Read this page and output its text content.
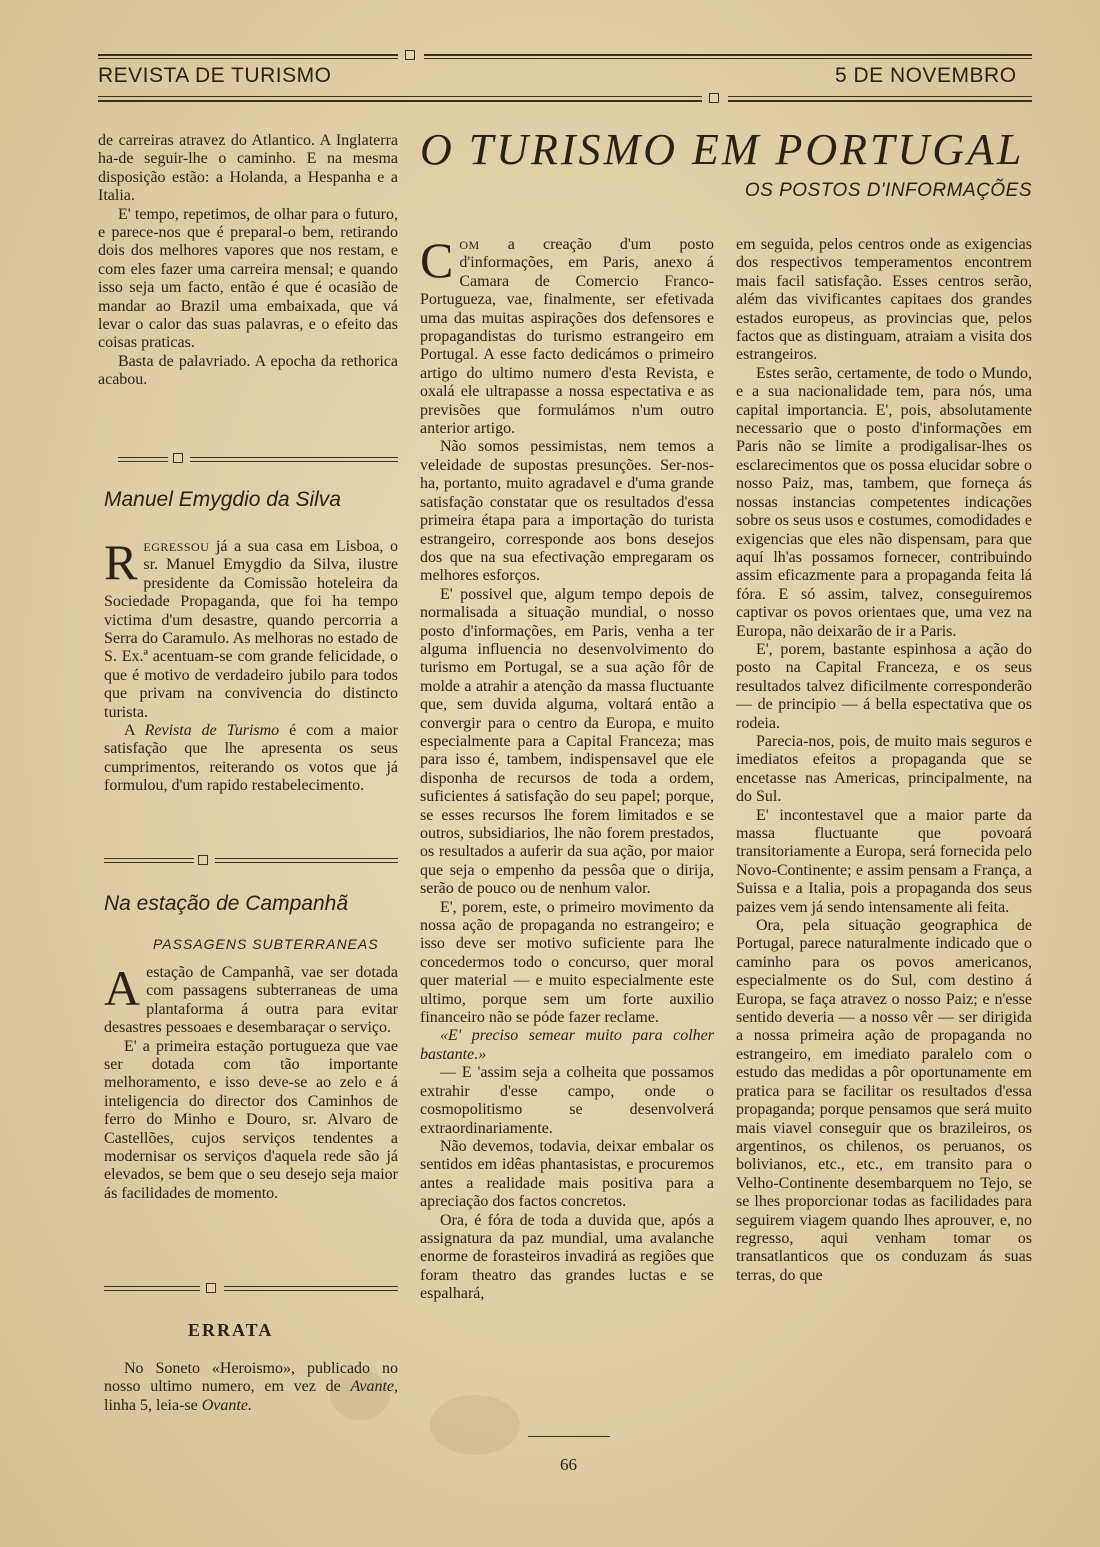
REVISTA DE TURISMO	5 DE NOVEMBRO

de carreiras atravez do Atlantico. A Inglaterra ha-de seguir-lhe o caminho. E na mesma disposição estão: a Holanda, a Hespanha e a Italia.

E' tempo, repetimos, de olhar para o futuro, e parece-nos que é preparal-o bem, retirando dois dos melhores vapores que nos restam, e com eles fazer uma carreira mensal; e quando isso seja um facto, então é que é ocasião de mandar ao Brazil uma embaixada, que vá levar o calor das suas palavras, e o efeito das coisas praticas.

Basta de palavriado. A epocha da rethorica acabou.

Manuel Emygdio da Silva

REGRESSOU já a sua casa em Lisboa, o sr. Manuel Emygdio da Silva, ilustre presidente da Comissão hoteleira da Sociedade Propaganda, que foi ha tempo victima d'um desastre, quando percorria a Serra do Caramulo. As melhoras no estado de S. Ex.ª acentuam-se com grande felicidade, o que é motivo de verdadeiro jubilo para todos que privam na convivencia do distincto turista.

A Revista de Turismo é com a maior satisfação que lhe apresenta os seus cumprimentos, reiterando os votos que já formulou, d'um rapido restabelecimento.

Na estação de Campanhã
PASSAGENS SUBTERRANEAS

A estação de Campanhã, vae ser dotada com passagens subterraneas de uma plantaforma á outra para evitar desastres pessoaes e desembaraçar o serviço.

E' a primeira estação portugueza que vae ser dotada com tão importante melhoramento, e isso deve-se ao zelo e á inteligencia do director dos Caminhos de ferro do Minho e Douro, sr. Alvaro de Castellões, cujos serviços tendentes a modernisar os serviços d'aquela rede são já elevados, se bem que o seu desejo seja maior ás facilidades de momento.

ERRATA

No Soneto «Heroismo», publicado no nosso ultimo numero, em vez de Avante, linha 5, leia-se Ovante.

O TURISMO EM PORTUGAL
OS POSTOS D'INFORMAÇÕES

COM a creação d'um posto d'informações, em Paris, anexo á Camara de Comercio Franco-Portugueza, vae, finalmente, ser efetivada uma das muitas aspirações dos defensores e propagandistas do turismo estrangeiro em Portugal. A esse facto dedicámos o primeiro artigo do ultimo numero d'esta Revista, e oxalá ele ultrapasse a nossa espectativa e as previsões que formulámos n'um outro anterior artigo.

Não somos pessimistas, nem temos a veleidade de supostas presunções. Ser-nos-ha, portanto, muito agradavel e d'uma grande satisfação constatar que os resultados d'essa primeira étapa para a importação do turista estrangeiro, corresponde aos bons desejos dos que na sua efectivação empregaram os melhores esforços.

E' possivel que, algum tempo depois de normalisada a situação mundial, o nosso posto d'informações, em Paris, venha a ter alguma influencia no desenvolvimento do turismo em Portugal, se a sua ação fôr de molde a atrahir a atenção da massa fluctuante que, sem duvida alguma, voltará então a convergir para o centro da Europa, e muito especialmente para a Capital Franceza; mas para isso é, tambem, indispensavel que ele disponha de recursos de toda a ordem, suficientes á satisfação do seu papel; porque, se esses recursos lhe forem limitados e se outros, subsidiarios, lhe não forem prestados, os resultados a auferir da sua ação, por maior que seja o empenho da pessôa que o dirija, serão de pouco ou de nenhum valor.

E', porem, este, o primeiro movimento da nossa ação de propaganda no estrangeiro; e isso deve ser motivo suficiente para lhe concedermos todo o concurso, quer moral quer material — e muito especialmente este ultimo, porque sem um forte auxilio financeiro não se póde fazer reclame.

«E' preciso semear muito para colher bastante.»

— E 'assim seja a colheita que possamos extrahir d'esse campo, onde o cosmopolitismo se desenvolverá extraordinariamente.

Não devemos, todavia, deixar embalar os sentidos em idêas phantasistas, e procuremos antes a realidade mais positiva para a apreciação dos factos concretos.

Ora, é fóra de toda a duvida que, após a assignatura da paz mundial, uma avalanche enorme de forasteiros invadirá as regiões que foram theatro das grandes luctas e se espalhará,

em seguida, pelos centros onde as exigencias dos respectivos temperamentos encontrem mais facil satisfação. Esses centros serão, além das vivificantes capitaes dos grandes estados europeus, as provincias que, pelos factos que as distinguam, atraiam a visita dos estrangeiros.

Estes serão, certamente, de todo o Mundo, e a sua nacionalidade tem, para nós, uma capital importancia. E', pois, absolutamente necessario que o posto d'informações em Paris não se limite a prodigalisar-lhes os esclarecimentos que os possa elucidar sobre o nosso Paiz, mas, tambem, que forneça ás nossas instancias competentes indicações sobre os seus usos e costumes, comodidades e exigencias que eles não dispensam, para que aquí lh'as possamos fornecer, contribuindo assim eficazmente para a propaganda feita lá fóra. E só assim, talvez, conseguiremos captivar os povos orientaes que, uma vez na Europa, não deixarão de ir a Paris.

E', porem, bastante espinhosa a ação do posto na Capital Franceza, e os seus resultados talvez dificilmente corresponderão — de principio — á bella espectativa que os rodeia.

Parecia-nos, pois, de muito mais seguros e imediatos efeitos a propaganda que se encetasse nas Americas, principalmente, na do Sul.

E' incontestavel que a maior parte da massa fluctuante que povoará transitoriamente a Europa, será fornecida pelo Novo-Continente; e assim pensam a França, a Suissa e a Italia, pois a propaganda dos seus paizes vem já sendo intensamente ali feita.

Ora, pela situação geographica de Portugal, parece naturalmente indicado que o caminho para os povos americanos, especialmente os do Sul, com destino á Europa, se faça atravez o nosso Paiz; e n'esse sentido deveria — a nosso vêr — ser dirigida a nossa primeira ação de propaganda no estrangeiro, em imediato paralelo com o estudo das medidas a pôr oportunamente em pratica para se facilitar os resultados d'essa propaganda; porque pensamos que será muito mais viavel conseguir que os brazileiros, os argentinos, os chilenos, os peruanos, os bolivianos, etc., etc., em transito para o Velho-Continente desembarquem no Tejo, se se lhes proporcionar todas as facilidades para seguirem viagem quando lhes aprouver, e, no regresso, aqui venham tomar os transatlanticos que os conduzam ás suas terras, do que

66
